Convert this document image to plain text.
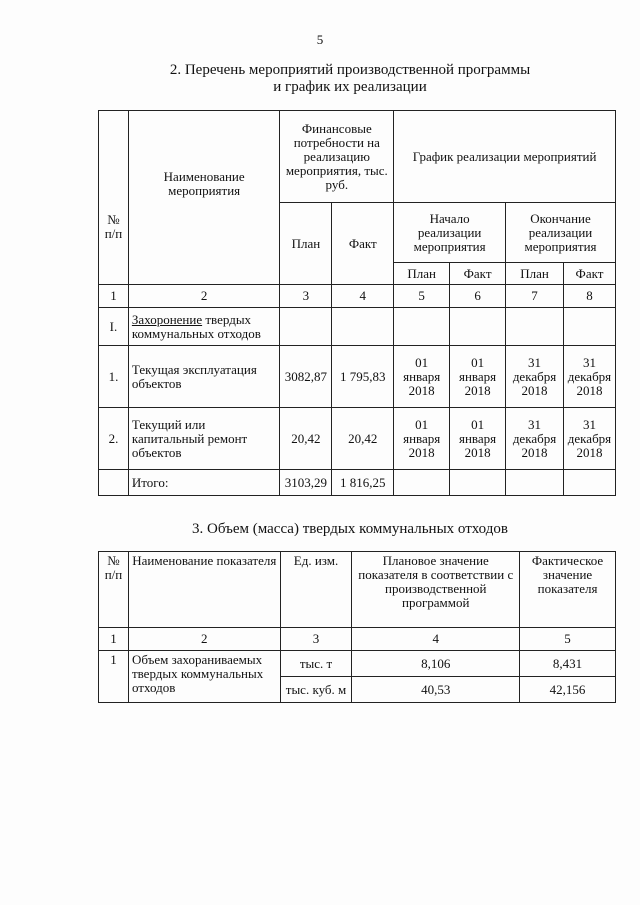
5
2. Перечень мероприятий производственной программы
и график их реализации
№ п/п	Наименование мероприятия	Финансовые потребности на реализацию мероприятия, тыс. руб.		График реализации мероприятий			
		План	Факт	Начало реализации мероприятия		Окончание реализации мероприятия	
				План	Факт	План	Факт
1	2	3	4	5	6	7	8
I.	Захоронение твердых коммунальных отходов						
1.	Текущая эксплуатация объектов	3082,87	1 795,83	01 января 2018	01 января 2018	31 декабря 2018	31 декабря 2018
2.	Текущий или капитальный ремонт объектов	20,42	20,42	01 января 2018	01 января 2018	31 декабря 2018	31 декабря 2018
	Итого:	3103,29	1 816,25				
3. Объем (масса) твердых коммунальных отходов
№ п/п	Наименование показателя	Ед. изм.	Плановое значение показателя в соответствии с производственной программой	Фактическое значение показателя
1	2	3	4	5
1	Объем захораниваемых твердых коммунальных отходов	тыс. т	8,106	8,431
		тыс. куб. м	40,53	42,156
